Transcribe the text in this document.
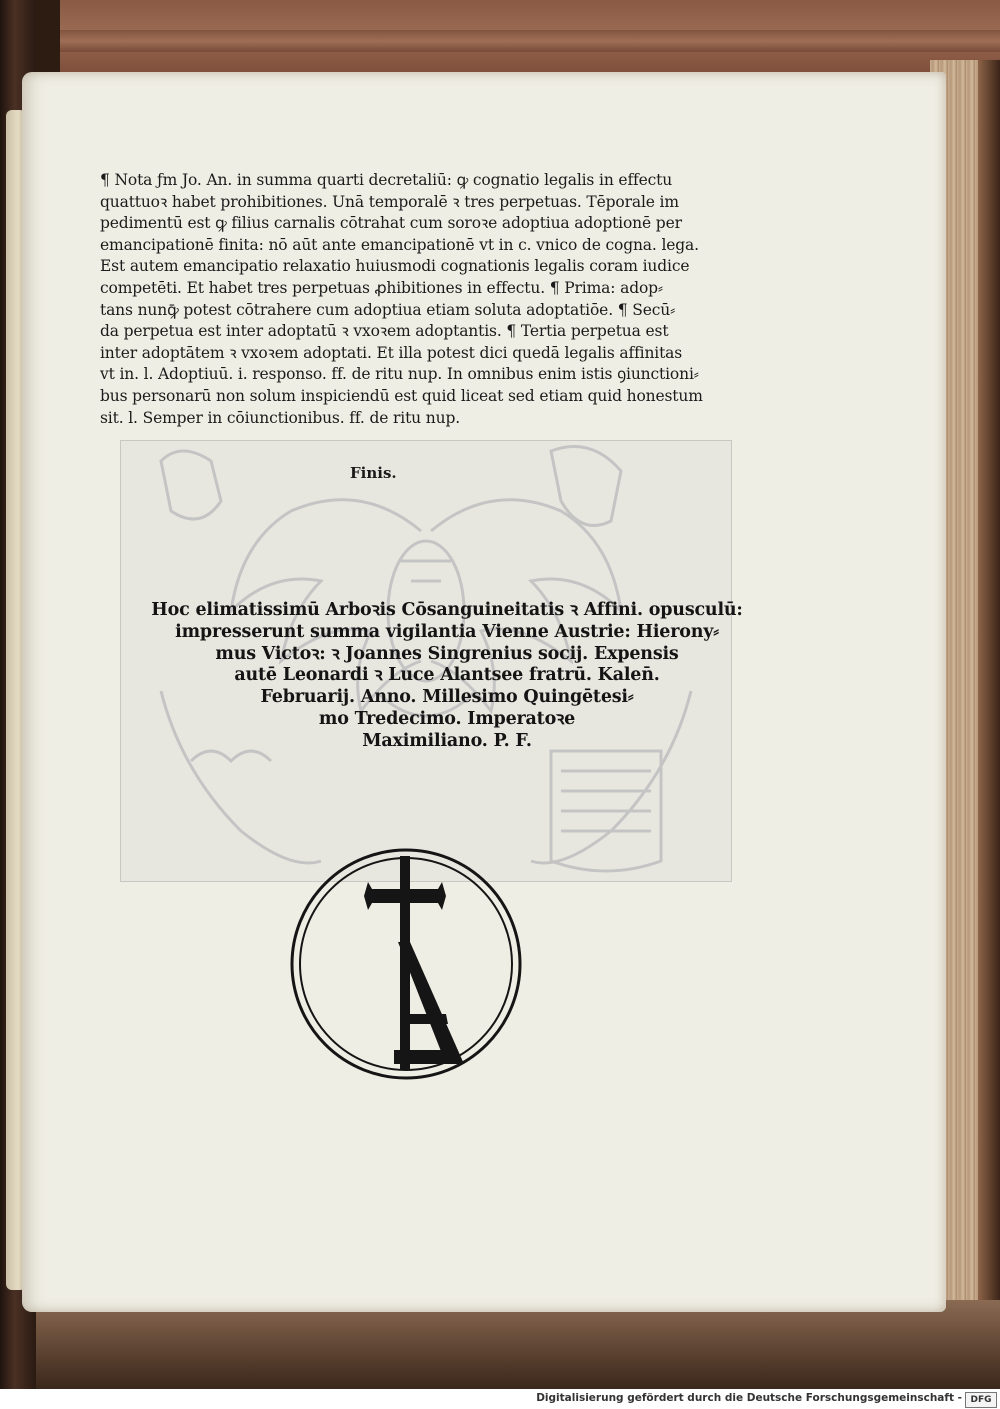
¶ Nota ƒm Jo. An. in summa quarti decretaliū: ꝙ cognatio legalis in effectu
quattuoꝛ habet prohibitiones. Unā temporalē ꝛ tres perpetuas. Tēporale im
pedimentū est ꝙ filius carnalis cōtrahat cum soroꝛe adoptiua adoptionē per
emancipationē finita: nō aūt ante emancipationē vt in c. vnico de cogna. lega.
Est autem emancipatio relaxatio huiusmodi cognationis legalis coram iudice
competēti. Et habet tres perpetuas ꝓhibitiones in effectu. ¶ Prima: adop⸗
tans nunꝙ̄ potest cōtrahere cum adoptiua etiam soluta adoptatiōe. ¶ Secū⸗
da perpetua est inter adoptatū ꝛ vxoꝛem adoptantis. ¶ Tertia perpetua est
inter adoptātem ꝛ vxoꝛem adoptati. Et illa potest dici quedā legalis affinitas
vt in. l. Adoptiuū. i. responso. ff. de ritu nup. In omnibus enim istis ꝯiunctioni⸗
bus personarū non solum inspiciendū est quid liceat sed etiam quid honestum
sit. l. Semper in cōiunctionibus. ff. de ritu nup.
Finis.
Hoc elimatissimū Arboꝛis Cōsanguineitatis ꝛ Affini. opusculū:
impresserunt summa vigilantia Vienne Austrie: Hierony⸗
mus Victoꝛ: ꝛ Joannes Singrenius socij. Expensis
autē Leonardi ꝛ Luce Alantsee fratrū. Kalen̄.
Februarij. Anno. Millesimo Quingētesi⸗
mo Tredecimo. Imperatoꝛe
Maximiliano. P. F.
Digitalisierung gefördert durch die Deutsche Forschungsgemeinschaft - DFG
